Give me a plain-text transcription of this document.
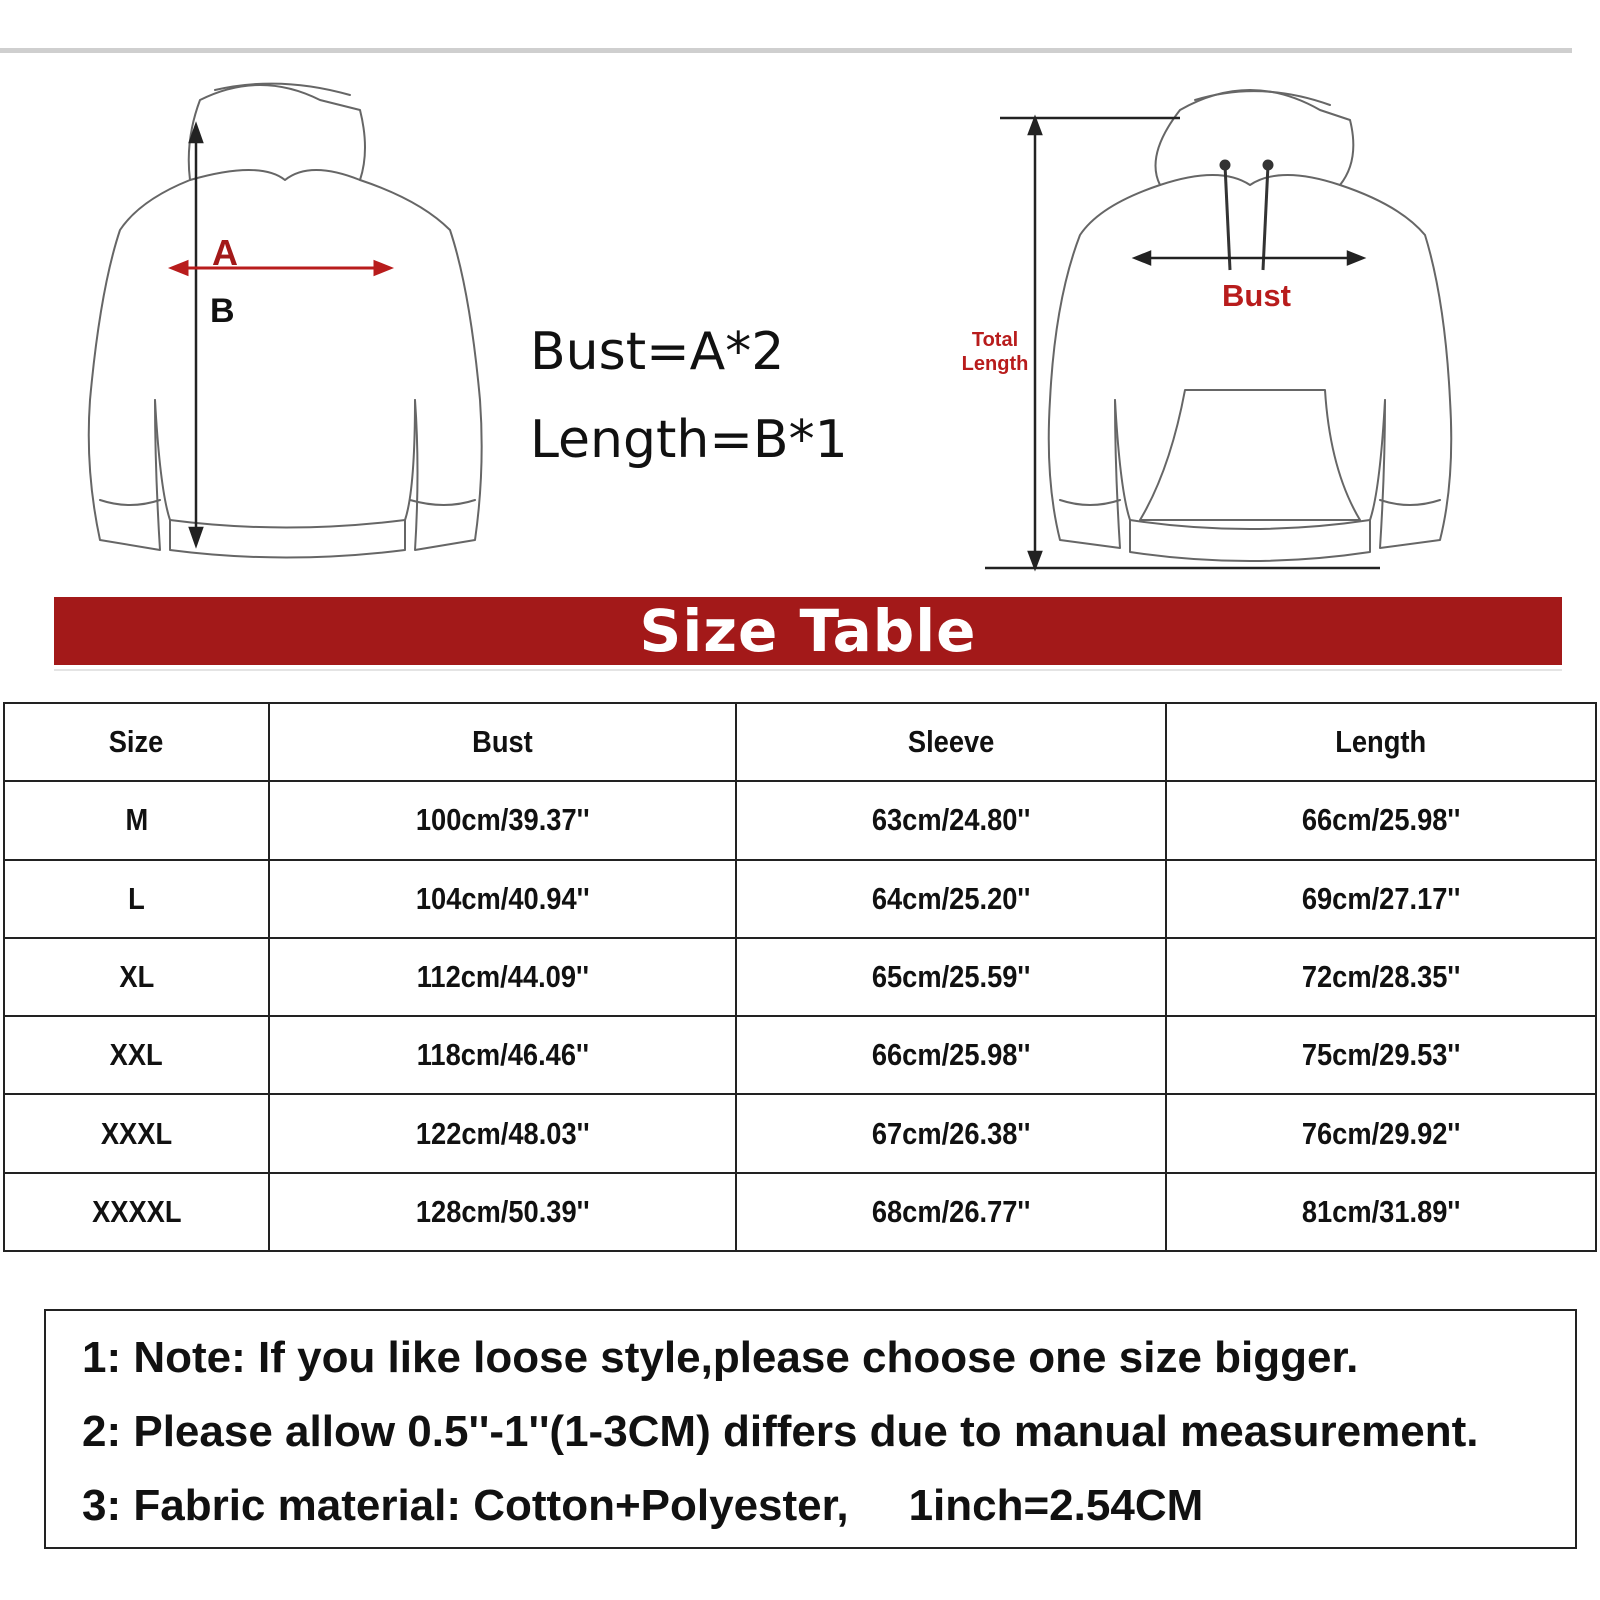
A
B
Bust=A*2
Length=B*1
Bust
Total Length
Size Table
Size	Bust	Sleeve	Length
M	100cm/39.37''	63cm/24.80''	66cm/25.98''
L	104cm/40.94''	64cm/25.20''	69cm/27.17''
XL	112cm/44.09''	65cm/25.59''	72cm/28.35''
XXL	118cm/46.46''	66cm/25.98''	75cm/29.53''
XXXL	122cm/48.03''	67cm/26.38''	76cm/29.92''
XXXXL	128cm/50.39''	68cm/26.77''	81cm/31.89''
1: Note: If you like loose style,please choose one size bigger.
2: Please allow 0.5''-1''(1-3CM) differs due to manual measurement.
3: Fabric material: Cotton+Polyester, 1inch=2.54CM
